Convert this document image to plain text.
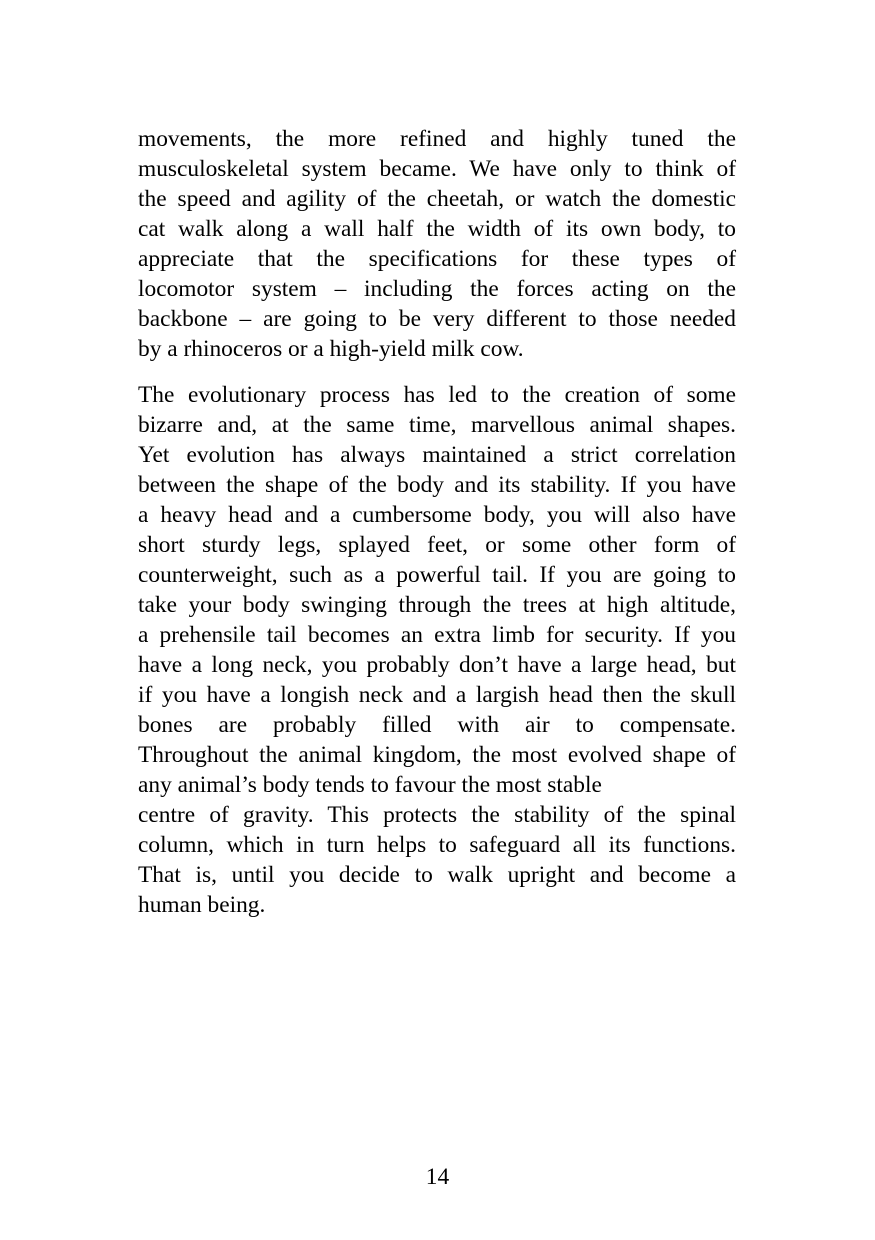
movements, the more refined and highly tuned the
musculoskeletal system became. We have only to think of
the speed and agility of the cheetah, or watch the domestic
cat walk along a wall half the width of its own body, to
appreciate that the specifications for these types of
locomotor system – including the forces acting on the
backbone – are going to be very different to those needed
by a rhinoceros or a high-yield milk cow.
The evolutionary process has led to the creation of some
bizarre and, at the same time, marvellous animal shapes.
Yet evolution has always maintained a strict correlation
between the shape of the body and its stability. If you have
a heavy head and a cumbersome body, you will also have
short sturdy legs, splayed feet, or some other form of
counterweight, such as a powerful tail. If you are going to
take your body swinging through the trees at high altitude,
a prehensile tail becomes an extra limb for security. If you
have a long neck, you probably don’t have a large head, but
if you have a longish neck and a largish head then the skull
bones are probably filled with air to compensate.
Throughout the animal kingdom, the most evolved shape of
any animal’s body tends to favour the most stable
centre of gravity. This protects the stability of the spinal
column, which in turn helps to safeguard all its functions.
That is, until you decide to walk upright and become a
human being.
14
